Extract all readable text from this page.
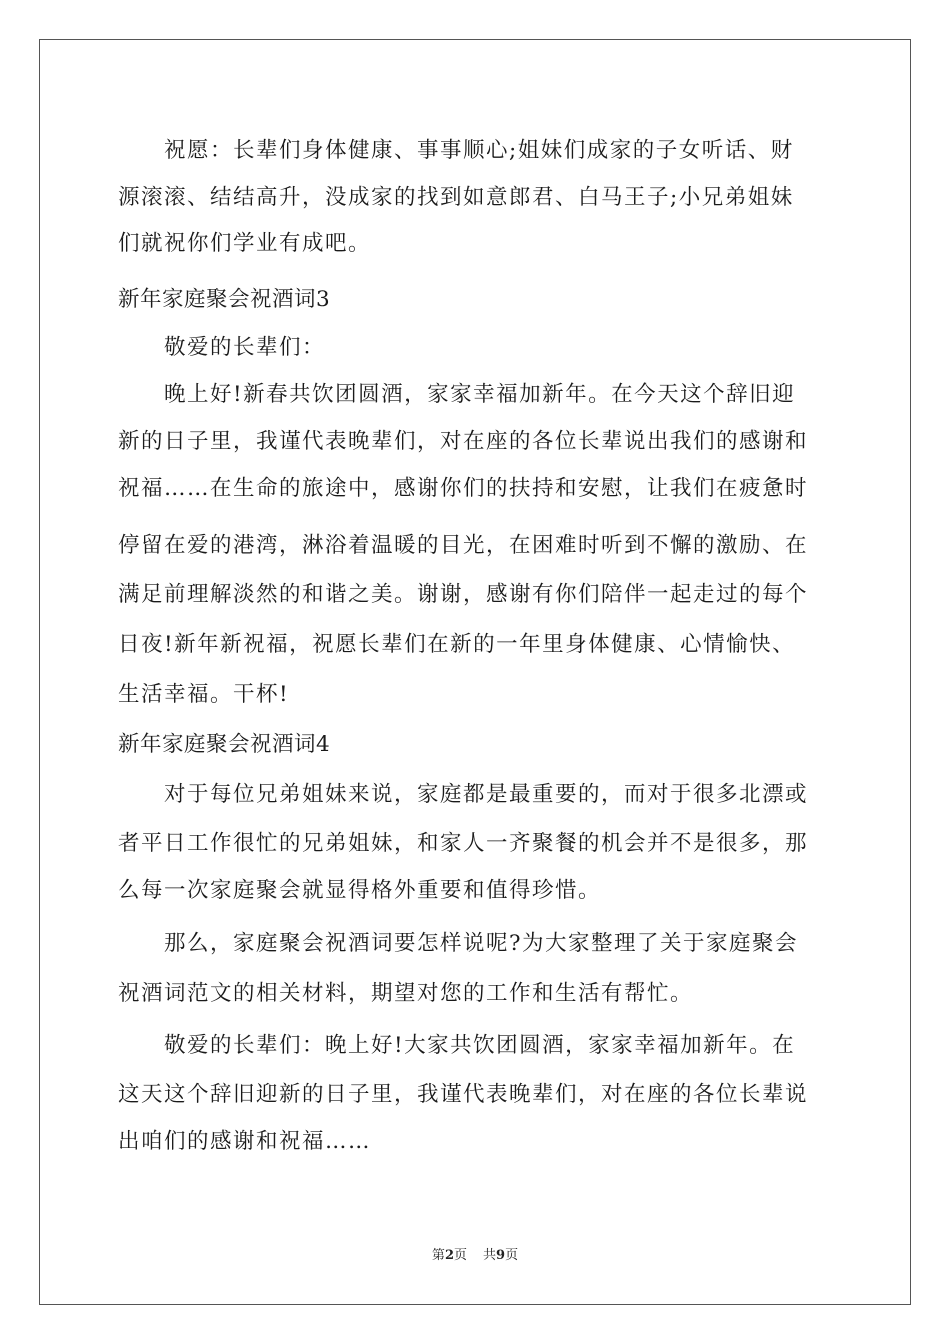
祝愿：长辈们身体健康、事事顺心;姐妹们成家的子女听话、财
源滚滚、结结高升，没成家的找到如意郎君、白马王子;小兄弟姐妹
们就祝你们学业有成吧。
新年家庭聚会祝酒词3
敬爱的长辈们：
晚上好!新春共饮团圆酒，家家幸福加新年。在今天这个辞旧迎
新的日子里，我谨代表晚辈们，对在座的各位长辈说出我们的感谢和
祝福……在生命的旅途中，感谢你们的扶持和安慰，让我们在疲惫时
停留在爱的港湾，淋浴着温暖的目光，在困难时听到不懈的激励、在
满足前理解淡然的和谐之美。谢谢，感谢有你们陪伴一起走过的每个
日夜!新年新祝福，祝愿长辈们在新的一年里身体健康、心情愉快、
生活幸福。干杯!
新年家庭聚会祝酒词4
对于每位兄弟姐妹来说，家庭都是最重要的，而对于很多北漂或
者平日工作很忙的兄弟姐妹，和家人一齐聚餐的机会并不是很多，那
么每一次家庭聚会就显得格外重要和值得珍惜。
那么，家庭聚会祝酒词要怎样说呢?为大家整理了关于家庭聚会
祝酒词范文的相关材料，期望对您的工作和生活有帮忙。
敬爱的长辈们：晚上好!大家共饮团圆酒，家家幸福加新年。在
这天这个辞旧迎新的日子里，我谨代表晚辈们，对在座的各位长辈说
出咱们的感谢和祝福……
第2页 共9页
